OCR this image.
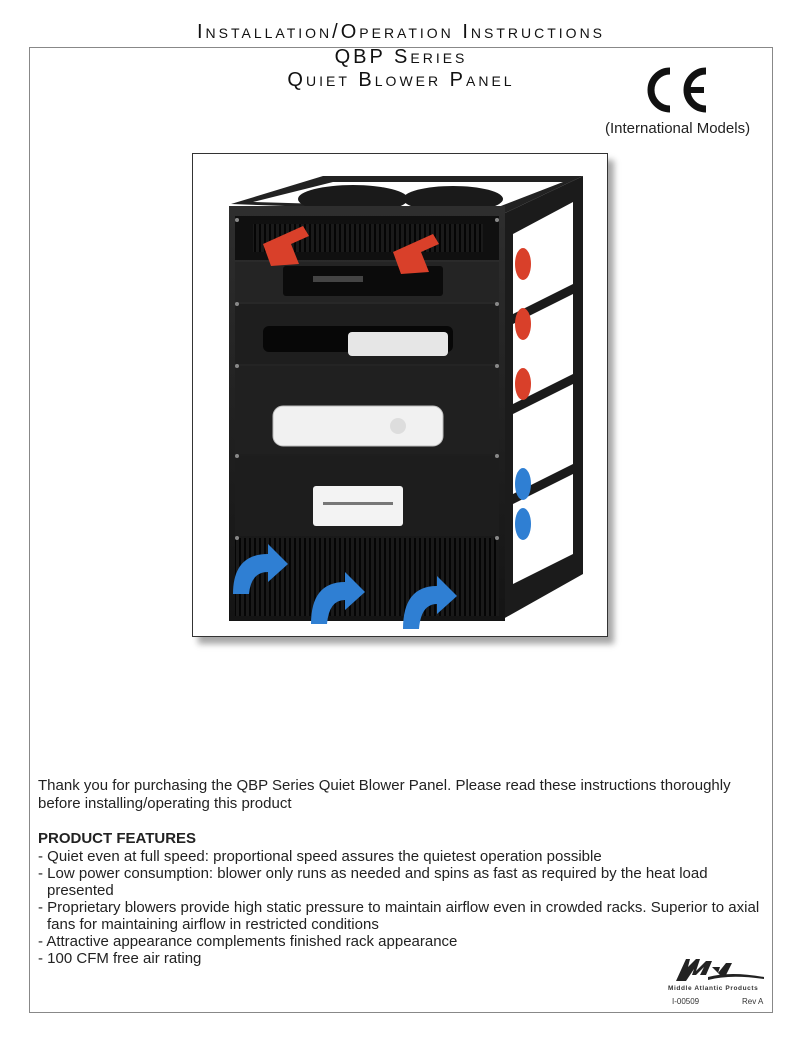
Installation/Operation Instructions
QBP Series
Quiet Blower Panel
(International Models)
Thank you for purchasing the QBP Series Quiet Blower Panel. Please read these instructions thoroughly before installing/operating this product
PRODUCT FEATURES
- Quiet even at full speed: proportional speed assures the quietest operation possible
- Low power consumption: blower only runs as needed and spins as fast as required by the heat load presented
- Proprietary blowers provide high static pressure to maintain airflow even in crowded racks. Superior to axial fans for maintaining airflow in restricted conditions
- Attractive appearance complements finished rack appearance
- 100 CFM free air rating
Middle Atlantic Products
I-00509	Rev A
